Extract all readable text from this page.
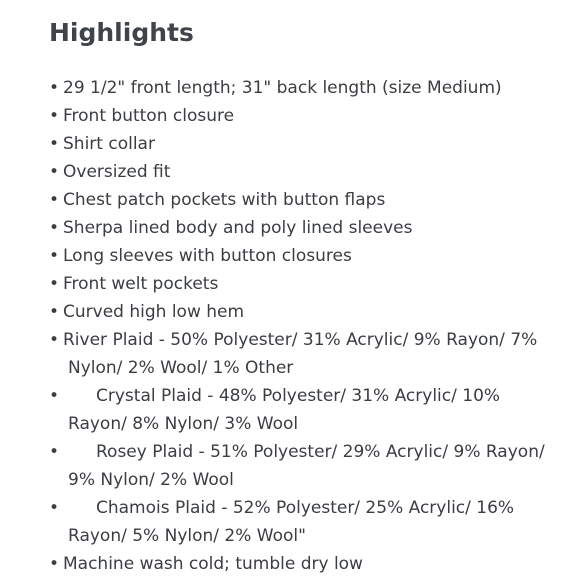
Highlights
• 29 1/2" front length; 31" back length (size Medium)
• Front button closure
• Shirt collar
• Oversized fit
• Chest patch pockets with button flaps
• Sherpa lined body and poly lined sleeves
• Long sleeves with button closures
• Front welt pockets
• Curved high low hem
• River Plaid - 50% Polyester/ 31% Acrylic/ 9% Rayon/ 7%
Nylon/ 2% Wool/ 1% Other
• Crystal Plaid - 48% Polyester/ 31% Acrylic/ 10%
Rayon/ 8% Nylon/ 3% Wool
• Rosey Plaid - 51% Polyester/ 29% Acrylic/ 9% Rayon/
9% Nylon/ 2% Wool
• Chamois Plaid - 52% Polyester/ 25% Acrylic/ 16%
Rayon/ 5% Nylon/ 2% Wool"
• Machine wash cold; tumble dry low
